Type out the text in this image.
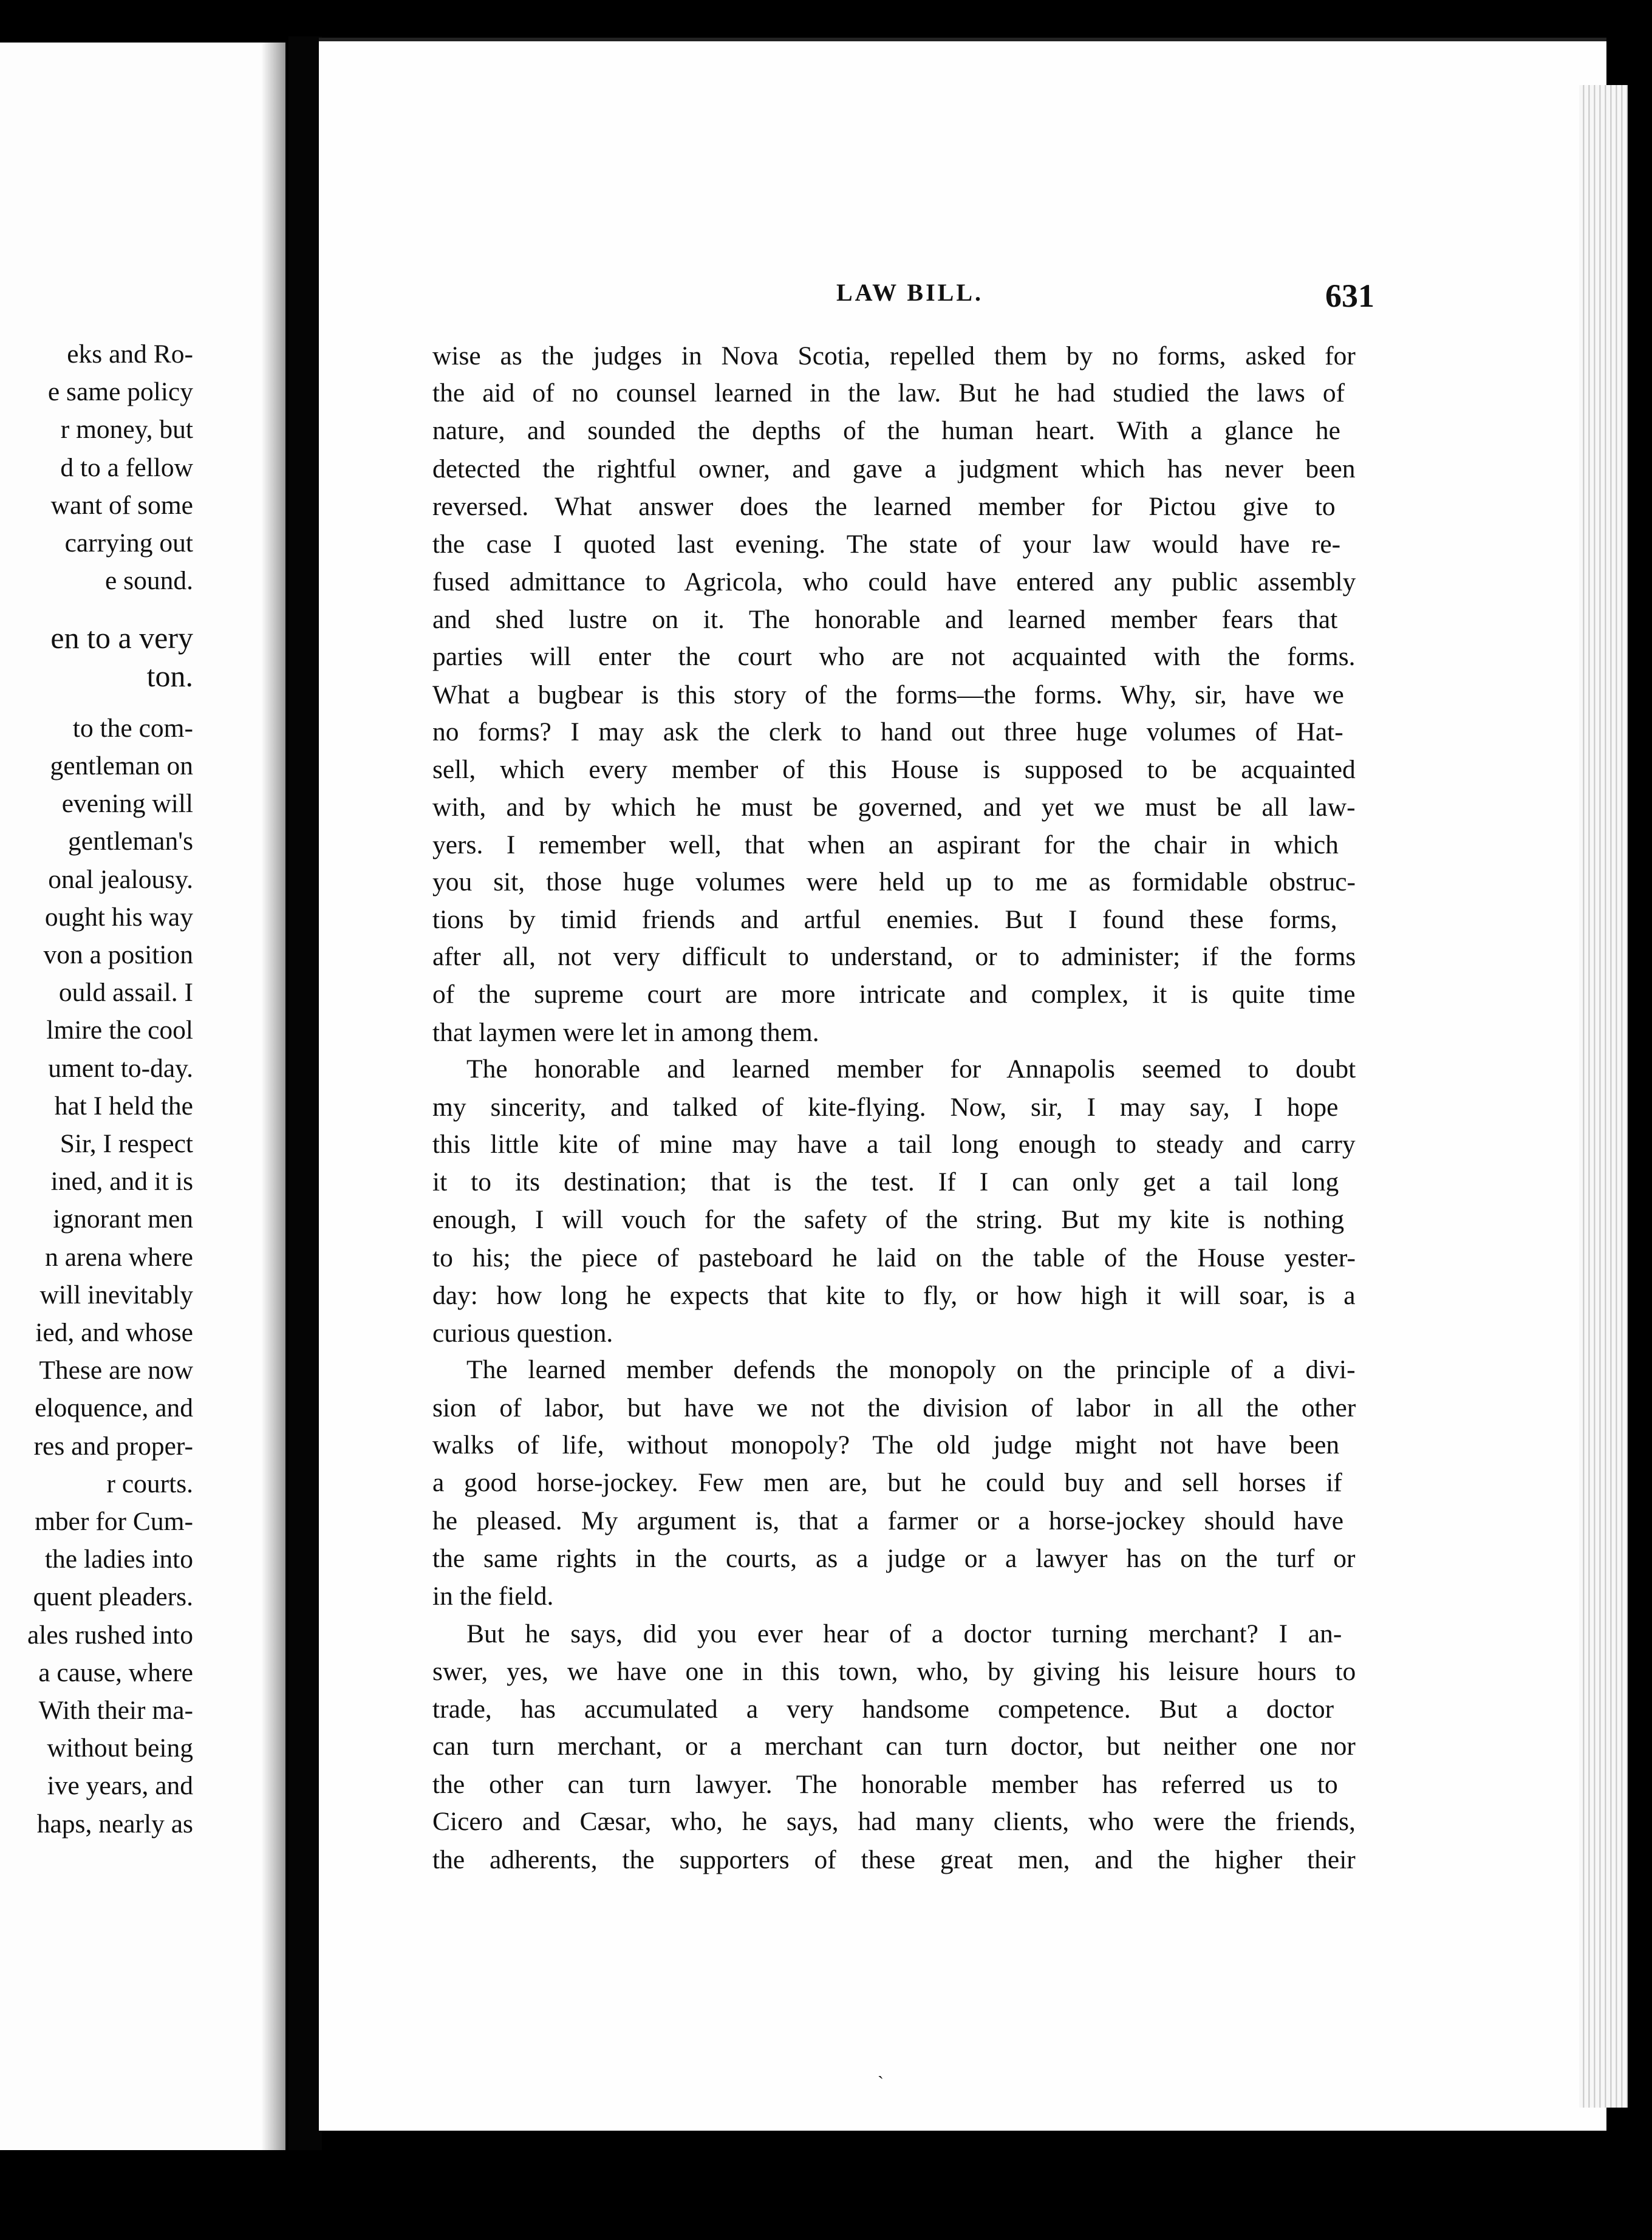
LAW BILL.	631
wise as the judges in Nova Scotia, repelled them by no forms, asked for
the aid of no counsel learned in the law. But he had studied the laws of
nature, and sounded the depths of the human heart. With a glance he
detected the rightful owner, and gave a judgment which has never been
reversed. What answer does the learned member for Pictou give to
the case I quoted last evening. The state of your law would have re-
fused admittance to Agricola, who could have entered any public assembly
and shed lustre on it. The honorable and learned member fears that
parties will enter the court who are not acquainted with the forms.
What a bugbear is this story of the forms—the forms. Why, sir, have we
no forms? I may ask the clerk to hand out three huge volumes of Hat-
sell, which every member of this House is supposed to be acquainted
with, and by which he must be governed, and yet we must be all law-
yers. I remember well, that when an aspirant for the chair in which
you sit, those huge volumes were held up to me as formidable obstruc-
tions by timid friends and artful enemies. But I found these forms,
after all, not very difficult to understand, or to administer; if the forms
of the supreme court are more intricate and complex, it is quite time
that laymen were let in among them.
The honorable and learned member for Annapolis seemed to doubt
my sincerity, and talked of kite-flying. Now, sir, I may say, I hope
this little kite of mine may have a tail long enough to steady and carry
it to its destination; that is the test. If I can only get a tail long
enough, I will vouch for the safety of the string. But my kite is nothing
to his; the piece of pasteboard he laid on the table of the House yester-
day: how long he expects that kite to fly, or how high it will soar, is a
curious question.
The learned member defends the monopoly on the principle of a divi-
sion of labor, but have we not the division of labor in all the other
walks of life, without monopoly? The old judge might not have been
a good horse-jockey. Few men are, but he could buy and sell horses if
he pleased. My argument is, that a farmer or a horse-jockey should have
the same rights in the courts, as a judge or a lawyer has on the turf or
in the field.
But he says, did you ever hear of a doctor turning merchant? I an-
swer, yes, we have one in this town, who, by giving his leisure hours to
trade, has accumulated a very handsome competence. But a doctor
can turn merchant, or a merchant can turn doctor, but neither one nor
the other can turn lawyer. The honorable member has referred us to
Cicero and Cæsar, who, he says, had many clients, who were the friends,
the adherents, the supporters of these great men, and the higher their
eks and Ro-
e same policy
r money, but
d to a fellow
want of some
carrying out
e sound.
en to a very
ton.
to the com-
gentleman on
evening will
gentleman's
onal jealousy.
ought his way
von a position
ould assail. I
lmire the cool
ument to-day.
hat I held the
Sir, I respect
ined, and it is
ignorant men
n arena where
will inevitably
ied, and whose
These are now
eloquence, and
res and proper-
r courts.
mber for Cum-
the ladies into
quent pleaders.
ales rushed into
a cause, where
With their ma-
without being
ive years, and
haps, nearly as
ˎ
